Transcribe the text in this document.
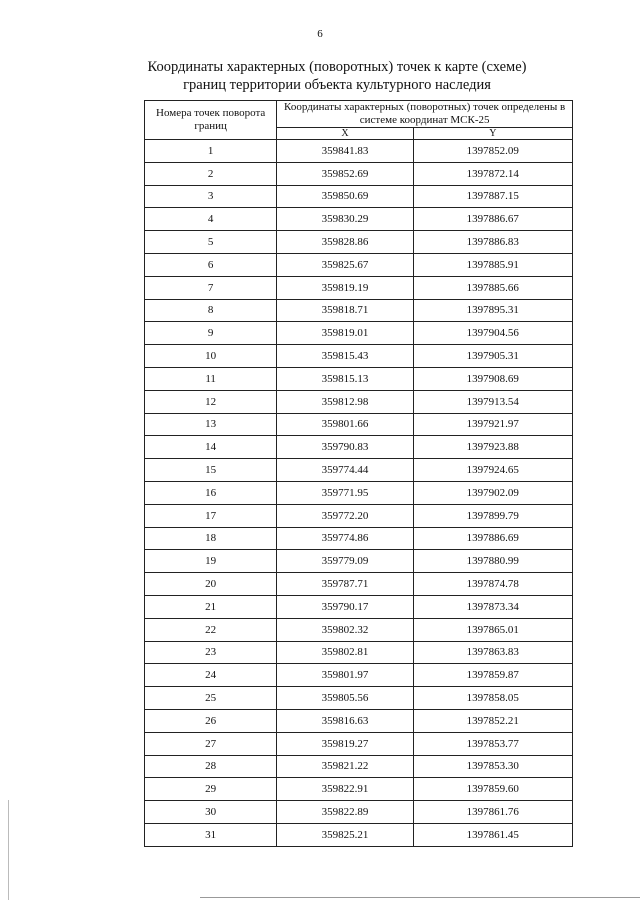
6
Координаты характерных (поворотных) точек к карте (схеме)
границ территории объекта культурного наследия
Номера точек поворота границ	Координаты характерных (поворотных) точек определены в системе координат МСК-25	
	X	Y
1	359841.83	1397852.09
2	359852.69	1397872.14
3	359850.69	1397887.15
4	359830.29	1397886.67
5	359828.86	1397886.83
6	359825.67	1397885.91
7	359819.19	1397885.66
8	359818.71	1397895.31
9	359819.01	1397904.56
10	359815.43	1397905.31
11	359815.13	1397908.69
12	359812.98	1397913.54
13	359801.66	1397921.97
14	359790.83	1397923.88
15	359774.44	1397924.65
16	359771.95	1397902.09
17	359772.20	1397899.79
18	359774.86	1397886.69
19	359779.09	1397880.99
20	359787.71	1397874.78
21	359790.17	1397873.34
22	359802.32	1397865.01
23	359802.81	1397863.83
24	359801.97	1397859.87
25	359805.56	1397858.05
26	359816.63	1397852.21
27	359819.27	1397853.77
28	359821.22	1397853.30
29	359822.91	1397859.60
30	359822.89	1397861.76
31	359825.21	1397861.45
